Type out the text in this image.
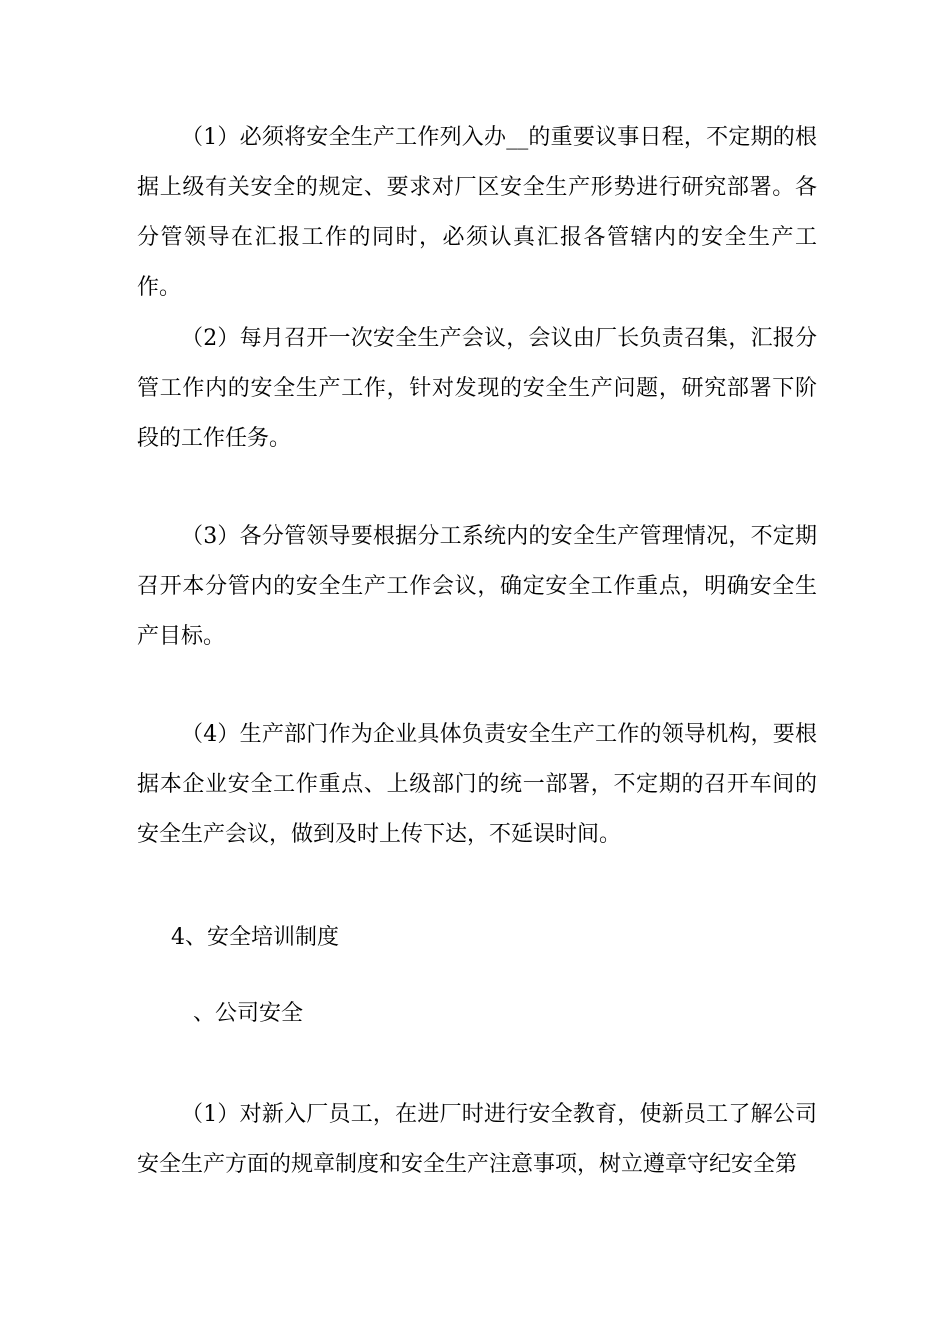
（1）必须将安全生产工作列入办__的重要议事日程，不定期的根据上级有关安全的规定、要求对厂区安全生产形势进行研究部署。各分管领导在汇报工作的同时，必须认真汇报各管辖内的安全生产工作。

（2）每月召开一次安全生产会议，会议由厂长负责召集，汇报分管工作内的安全生产工作，针对发现的安全生产问题，研究部署下阶段的工作任务。

（3）各分管领导要根据分工系统内的安全生产管理情况，不定期召开本分管内的安全生产工作会议，确定安全工作重点，明确安全生产目标。

（4）生产部门作为企业具体负责安全生产工作的领导机构，要根据本企业安全工作重点、上级部门的统一部署，不定期的召开车间的安全生产会议，做到及时上传下达，不延误时间。

4、安全培训制度

、公司安全

（1）对新入厂员工，在进厂时进行安全教育，使新员工了解公司安全生产方面的规章制度和安全生产注意事项，树立遵章守纪安全第
